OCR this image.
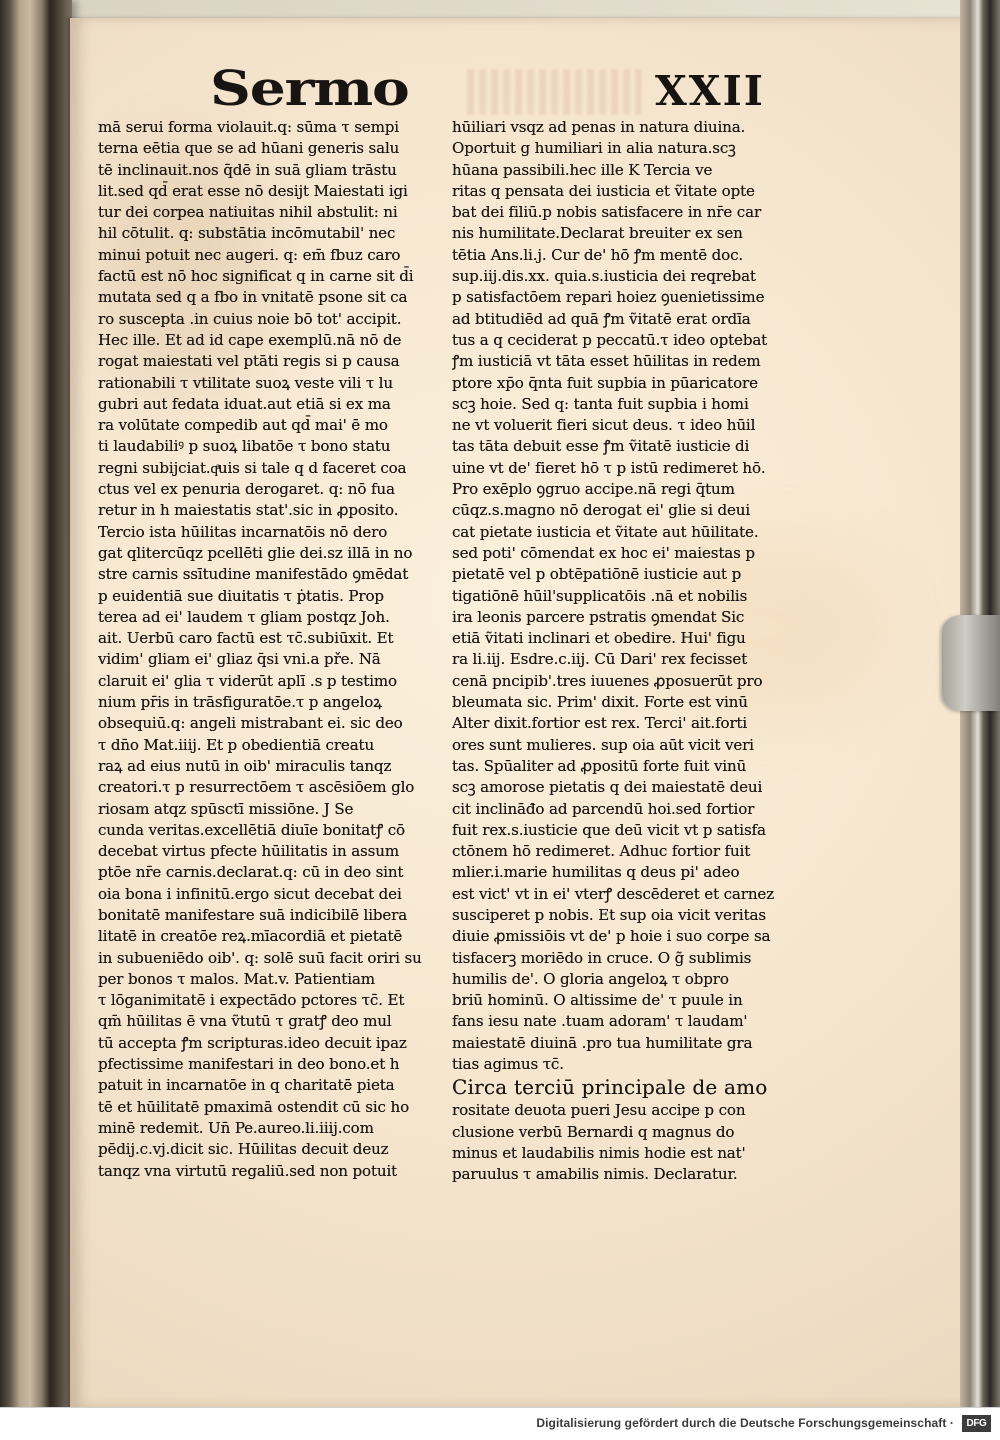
Sermo	XXII
mā serui forma violauit.q: sūma τ sempi
terna eētia que se ad hūani generis salu
tē inclinauit.nos q̄dē in suā gliam trāstu
lit.sed qd̄ erat esse nō desijt Maiestati igi
tur dei corpea natiuitas nihil abstulit: ni
hil cōtulit. q: substātia incōmutabil' nec
minui potuit nec augeri. q: em̄ fbuz caro
factū est nō hoc significat q in carne sit d̄i
mutata sed q a fbo in vnitatē psone sit ca
ro suscepta .in cuius noie bō tot' accipit.
Hec ille. Et ad id cape exemplū.nā nō de
rogat maiestati vel ptāti regis si p causa
rationabili τ vtilitate suoꝝ veste vili τ lu
gubri aut fedata iduat.aut etiā si ex ma
ra volūtate compedib aut qd̄ mai' ē mo
ti laudabiliꝰ p suoꝝ libatōe τ bono statu
regni subijciat.qͣuis si tale q d faceret coa
ctus vel ex penuria derogaret. q: nō fua
retur in h maiestatis stat'.sic in ꝓposito.
Tercio ista hūilitas incarnatōis nō dero
gat qlitercūqz pcellēti glie dei.sz illā in no
stre carnis ssītudine manifestādo ꝯmēdat
p euidentiā sue diuitatis τ ṗtatis. Prop
terea ad ei' laudem τ gliam postqz Joh.
ait. Uerbū caro factū est τc̄.subiūxit. Et
vidim' gliam ei' gliaz q̄si vni.a pře. Nā
claruit ei' glia τ viderūt aplī .s p testimo
nium pr̄is in trāsfiguratōe.τ p angeloꝝ
obsequiū.q: angeli mistrabant ei. sic deo
τ dn̄o Mat.iiij. Et p obedientiā creatu
raꝝ ad eius nutū in oib' miraculis tanqz
creatori.τ p resurrectōem τ ascēsiōem glo
riosam atqz spūsctī missiōne. J Se
cunda veritas.excellētiā diuīe bonitatꝭ cō
decebat virtus pfecte hūilitatis in assum
ptōe nr̄e carnis.declarat.q: cū in deo sint
oia bona i infinitū.ergo sicut decebat dei
bonitatē manifestare suā indicibilē libera
litatē in creatōe reꝝ.mīacordiā et pietatē
in subueniēdo oib'. q: solē suū facit oriri su
per bonos τ malos. Mat.v. Patientiam
τ lōganimitatē i expectādo pctores τc̄. Et
qm̄ hūilitas ē vna ṽtutū τ gratꝭ deo mul
tū accepta ꝭm scripturas.ideo decuit ipaz
pfectissime manifestari in deo bono.et h
patuit in incarnatōe in q charitatē pieta
tē et hūilitatē pmaximā ostendit cū sic ho
minē redemit. Un̄ Pe.aureo.li.iiij.com
pēdij.c.vj.dicit sic. Hūilitas decuit deuz
tanqz vna virtutū regaliū.sed non potuit
hūiliari vsqz ad penas in natura diuina.
Oportuit g humiliari in alia natura.scꝫ
hūana passibili.hec ille K Tercia ve
ritas q pensata dei iusticia et ṽitate opte
bat dei filiū.p nobis satisfacere in nr̄e car
nis humilitate.Declarat breuiter ex sen
tētia Ans.li.j. Cur de' hō ꝭm mentē doc.
sup.iij.dis.xx. quia.s.iusticia dei reqrebat
p satisfactōem repari hoiez ꝯuenietissime
ad btitudiēd ad quā ꝭm ṽitatē erat ordīa
tus a q ceciderat p peccatū.τ ideo optebat
ꝭm iusticiā vt tāta esset hūilitas in redem
ptore xp̄o q̄nta fuit supbia in pūaricatore
scꝫ hoie. Sed q: tanta fuit supbia i homi
ne vt voluerit fieri sicut deus. τ ideo hūil
tas tāta debuit esse ꝭm ṽitatē iusticie di
uine vt de' fieret hō τ p istū redimeret hō.
Pro exēplo ꝯgruo accipe.nā regi q̄tum
cūqz.s.magno nō derogat ei' glie si deui
cat pietate iusticia et ṽitate aut hūilitate.
sed poti' cōmendat ex hoc ei' maiestas p
pietatē vel p obtēpatiōnē iusticie aut p
tigatiōnē hūil'supplicatōis .nā et nobilis
ira leonis parcere pstratis ꝯmendat Sic
etiā ṽitati inclinari et obedire. Hui' figu
ra li.iij. Esdre.c.iij. Cū Dari' rex fecisset
cenā pncipib'.tres iuuenes ꝓposuerūt pro
bleumata sic. Prim' dixit. Forte est vinū
Alter dixit.fortior est rex. Terci' ait.forti
ores sunt mulieres. sup oia aūt vicit veri
tas. Spūaliter ad ꝓpositū forte fuit vinū
scꝫ amorose pietatis q dei maiestatē deui
cit inclināđo ad parcendū hoi.sed fortior
fuit rex.s.iusticie que deū vicit vt p satisfa
ctōnem hō redimeret. Adhuc fortior fuit
mlier.i.marie humilitas q deus pi' adeo
est vict' vt in ei' vterꝭ descēderet et carnez
susciperet p nobis. Et sup oia vicit veritas
diuie ꝓmissiōis vt de' p hoie i suo corpe sa
tisfacerꝫ moriēdo in cruce. O g̃ sublimis
humilis de'. O gloria angeloꝝ τ obpro
briū hominū. O altissime de' τ puule in
fans iesu nate .tuam adoram' τ laudam'
maiestatē diuinā .pro tua humilitate gra
tias agimus τc̄.
Circa terciū principale de amo
rositate deuota pueri Jesu accipe p con
clusione verbū Bernardi q magnus do
minus et laudabilis nimis hodie est nat'
paruulus τ amabilis nimis. Declaratur.
Digitalisierung gefördert durch die Deutsche Forschungsgemeinschaft ·	DFG
